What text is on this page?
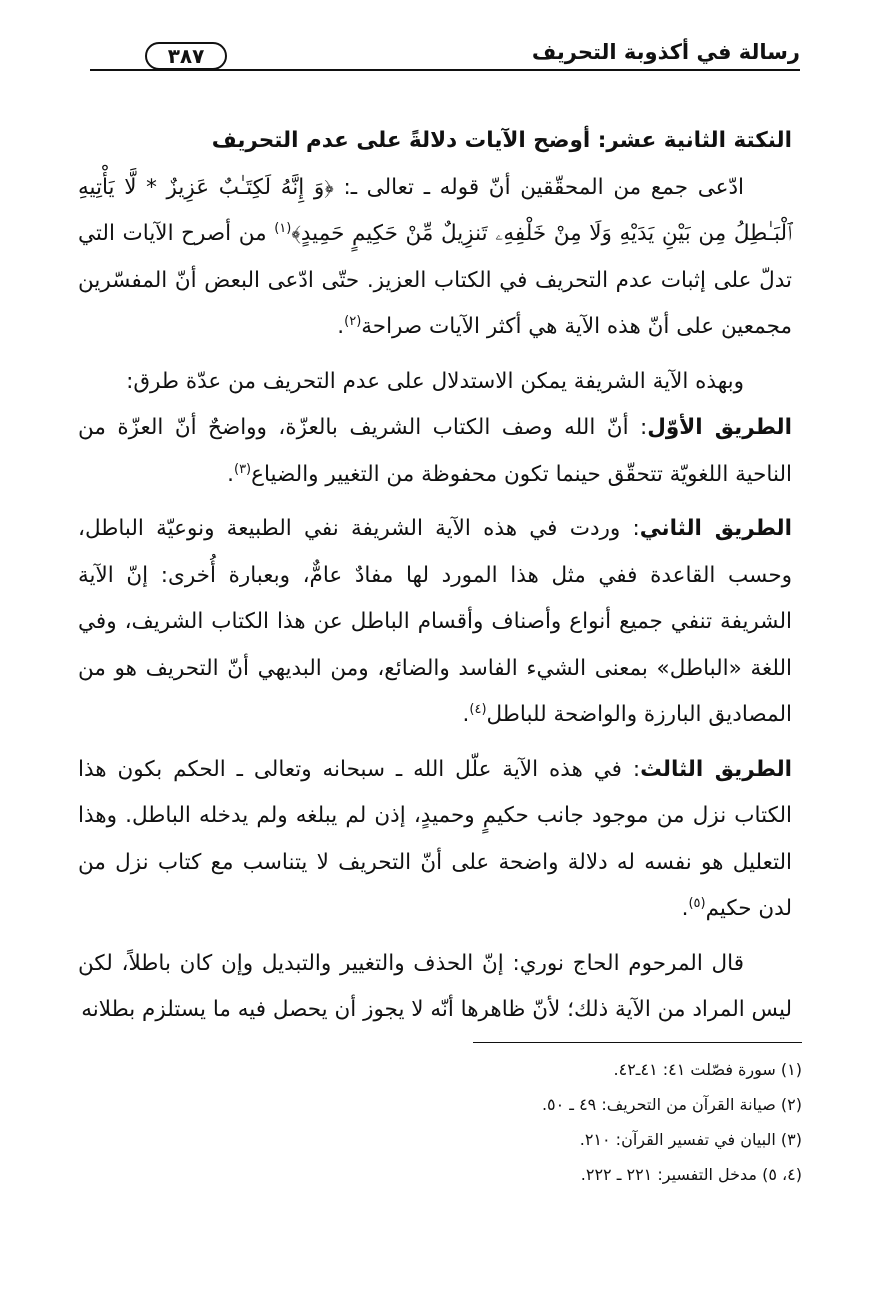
رسالة في أكذوبة التحريف
٣٨٧

النكتة الثانية عشر: أوضح الآيات دلالةً على عدم التحريف

ادّعى جمع من المحقّقين أنّ قوله ـ تعالى ـ: ﴿وَ إِنَّهُ لَكِتَـٰبٌ عَزِيزٌ * لَّا يَأْتِيهِ ٱلْبَـٰطِلُ مِن بَيْنِ يَدَيْهِ وَلَا مِنْ خَلْفِهِۦ تَنزِيلٌ مِّنْ حَكِيمٍ حَمِيدٍ﴾$^{(١)}$ من أصرح الآيات التي تدلّ على إثبات عدم التحريف في الكتاب العزيز. حتّى ادّعى البعض أنّ المفسّرين مجمعين على أنّ هذه الآية هي أكثر الآيات صراحة$^{(٢)}$.

وبهذه الآية الشريفة يمكن الاستدلال على عدم التحريف من عدّة طرق:

الطريق الأوّل: أنّ الله وصف الكتاب الشريف بالعزّة، وواضحٌ أنّ العزّة من الناحية اللغويّة تتحقّق حينما تكون محفوظة من التغيير والضياع$^{(٣)}$.

الطريق الثاني: وردت في هذه الآية الشريفة نفي الطبيعة ونوعيّة الباطل، وحسب القاعدة ففي مثل هذا المورد لها مفادٌ عامٌّ، وبعبارة أُخرى: إنّ الآية الشريفة تنفي جميع أنواع وأصناف وأقسام الباطل عن هذا الكتاب الشريف، وفي اللغة «الباطل» بمعنى الشيء الفاسد والضائع، ومن البديهي أنّ التحريف هو من المصاديق البارزة والواضحة للباطل$^{(٤)}$.

الطريق الثالث: في هذه الآية علّل الله ـ سبحانه وتعالى ـ الحكم بكون هذا الكتاب نزل من موجود جانب حكيمٍ وحميدٍ، إذن لم يبلغه ولم يدخله الباطل. وهذا التعليل هو نفسه له دلالة واضحة على أنّ التحريف لا يتناسب مع كتاب نزل من لدن حكيم$^{(٥)}$.

قال المرحوم الحاج نوري: إنّ الحذف والتغيير والتبديل وإن كان باطلاً، لكن ليس المراد من الآية ذلك؛ لأنّ ظاهرها أنّه لا يجوز أن يحصل فيه ما يستلزم بطلانه

(١) سورة فصّلت ٤١: ٤١ـ٤٢.
(٢) صيانة القرآن من التحريف: ٤٩ ـ ٥٠.
(٣) البيان في تفسير القرآن: ٢١٠.
(٤، ٥) مدخل التفسير: ٢٢١ ـ ٢٢٢.
